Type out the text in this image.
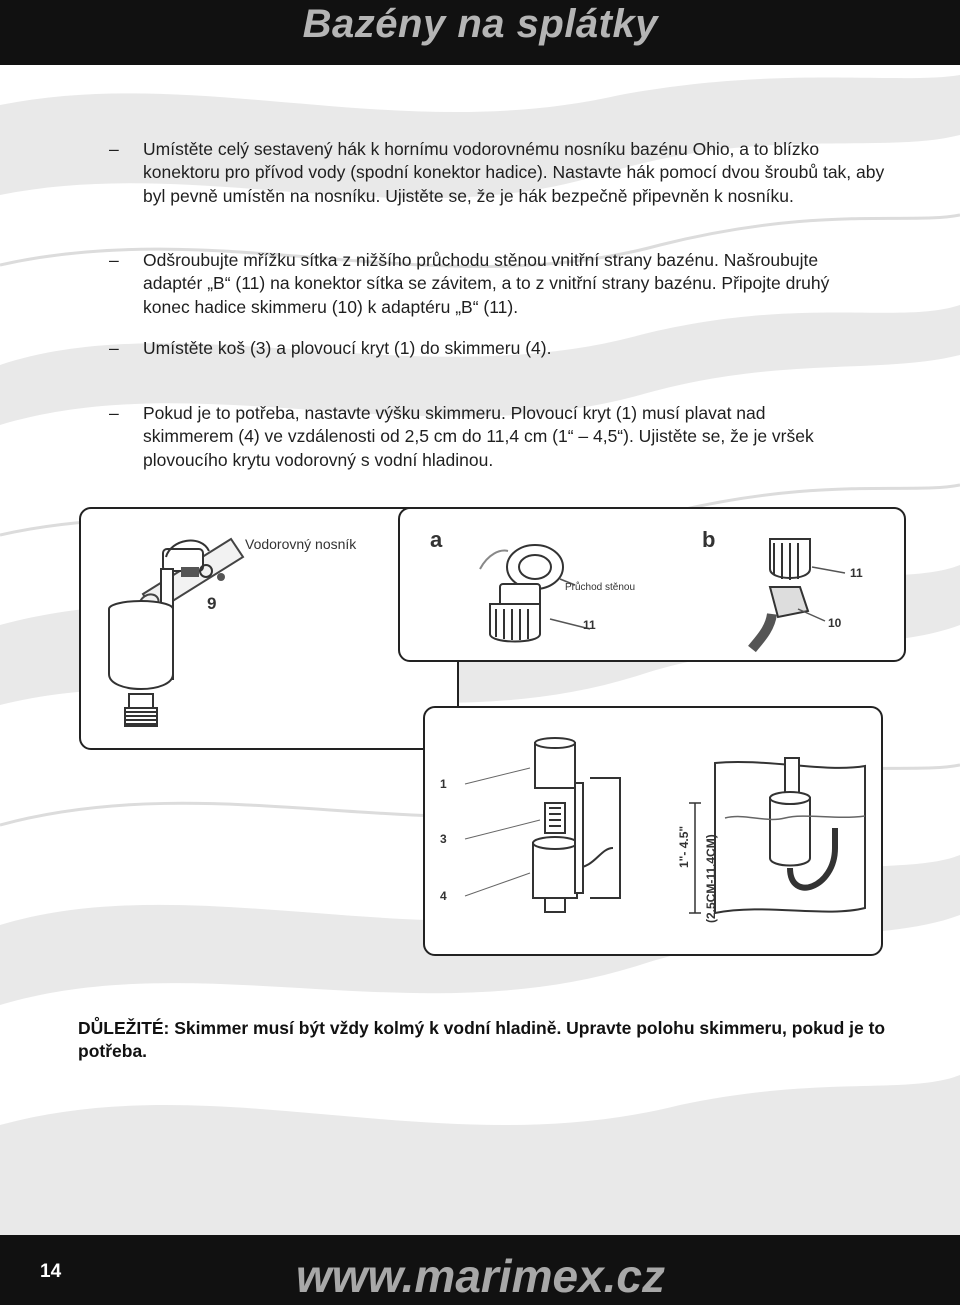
Bazény na splátky
– Umístěte celý sestavený hák k hornímu vodorovnému nosníku bazénu Ohio, a to blízko konektoru pro přívod vody (spodní konektor hadice). Nastavte hák pomocí dvou šroubů tak, aby byl pevně umístěn na nosníku. Ujistěte se, že je hák bezpečně připevněn k nosníku.
– Odšroubujte mřížku sítka z nižšího průchodu stěnou vnitřní strany bazénu. Našroubujte adaptér „B“ (11) na konektor sítka se závitem, a to z vnitřní strany bazénu. Připojte druhý konec hadice skimmeru (10) k adaptéru „B“ (11).
– Umístěte koš (3) a plovoucí kryt (1) do skimmeru (4).
– Pokud je to potřeba, nastavte výšku skimmeru. Plovoucí kryt (1) musí plavat nad skimmerem (4) ve vzdálenosti od 2,5 cm do 11,4 cm (1“ – 4,5“). Ujistěte se, že je vršek plovoucího krytu vodorovný s vodní hladinou.
Vodorovný nosník
9
a	b
Průchod stěnou
11
11
10
1
3
4
1"- 4.5" (2.5CM-11.4CM)
DŮLEŽITÉ: Skimmer musí být vždy kolmý k vodní hladině. Upravte polohu skimmeru, pokud je to potřeba.
14	www.marimex.cz
